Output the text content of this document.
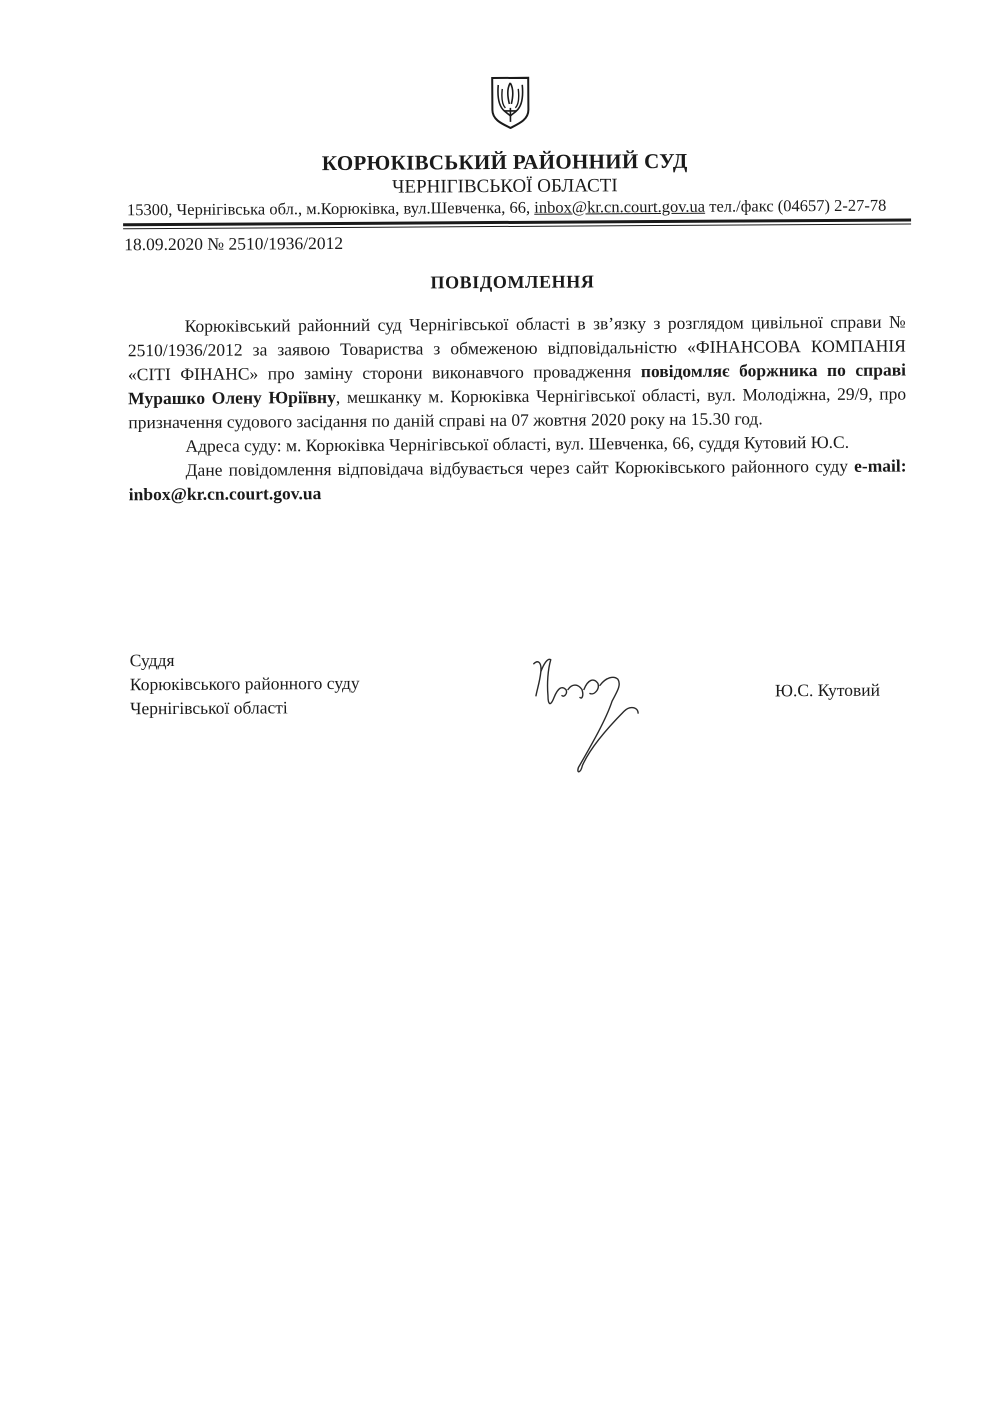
КОРЮКІВСЬКИЙ РАЙОННИЙ СУД
ЧЕРНІГІВСЬКОЇ ОБЛАСТІ
15300, Чернігівська обл., м.Корюківка, вул.Шевченка, 66, inbox@kr.cn.court.gov.ua тел./факс (04657) 2-27-78
18.09.2020 № 2510/1936/2012
ПОВІДОМЛЕННЯ

Корюківський районний суд Чернігівської області в зв’язку з розглядом цивільної справи № 2510/1936/2012 за заявою Товариства з обмеженою відповідальністю «ФІНАНСОВА КОМПАНІЯ «СІТІ ФІНАНС» про заміну сторони виконавчого провадження повідомляє боржника по справі Мурашко Олену Юріївну, мешканку м. Корюківка Чернігівської області, вул. Молодіжна, 29/9, про призначення судового засідання по даній справі на 07 жовтня 2020 року на 15.30 год.

Адреса суду: м. Корюківка Чернігівської області, вул. Шевченка, 66, суддя Кутовий Ю.С.

Дане повідомлення відповідача відбувається через сайт Корюківського районного суду e-mail: inbox@kr.cn.court.gov.ua

Суддя
Корюківського районного суду
Чернігівської області
Ю.С. Кутовий
